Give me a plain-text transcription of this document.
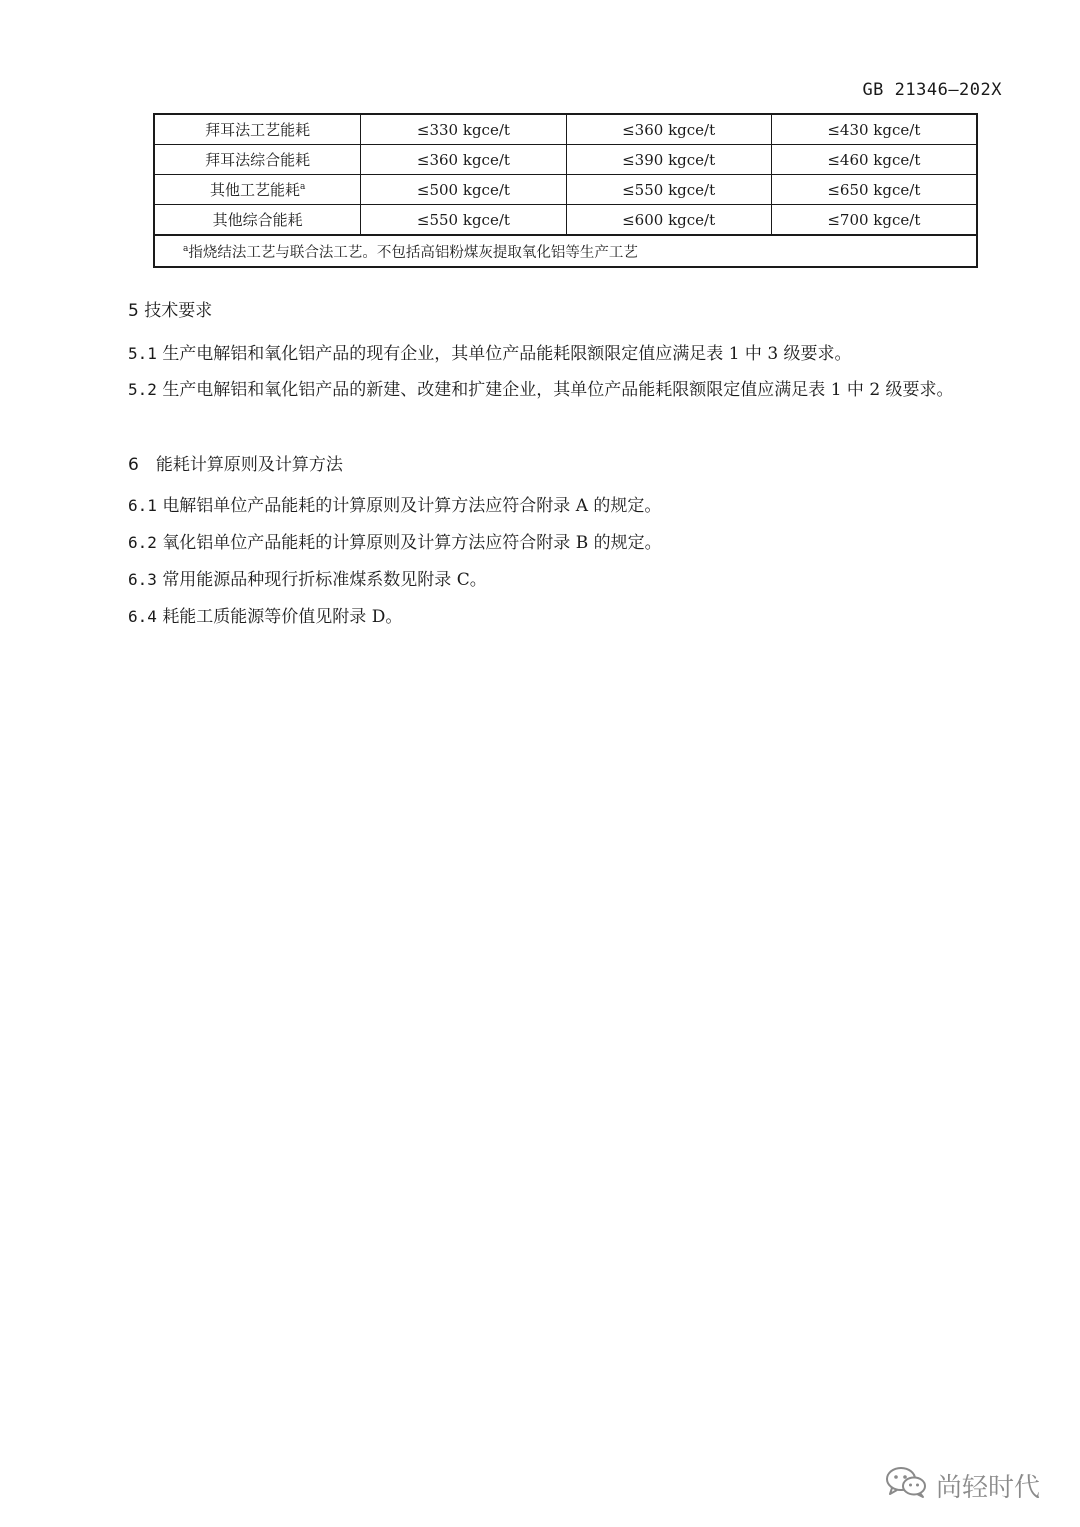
GB 21346—202X
拜耳法工艺能耗	≤330 kgce/t	≤360 kgce/t	≤430 kgce/t
拜耳法综合能耗	≤360 kgce/t	≤390 kgce/t	≤460 kgce/t
其他工艺能耗$^a$	≤500 kgce/t	≤550 kgce/t	≤650 kgce/t
其他综合能耗	≤550 kgce/t	≤600 kgce/t	≤700 kgce/t
$^a$指烧结法工艺与联合法工艺。不包括高铝粉煤灰提取氧化铝等生产工艺			
5 技术要求
5.1 生产电解铝和氧化铝产品的现有企业，其单位产品能耗限额限定值应满足表 1 中 3 级要求。
5.2 生产电解铝和氧化铝产品的新建、改建和扩建企业，其单位产品能耗限额限定值应满足表 1 中 2 级要求。
6　能耗计算原则及计算方法
6.1 电解铝单位产品能耗的计算原则及计算方法应符合附录 A 的规定。
6.2 氧化铝单位产品能耗的计算原则及计算方法应符合附录 B 的规定。
6.3 常用能源品种现行折标准煤系数见附录 C。
6.4 耗能工质能源等价值见附录 D。
尚轻时代
